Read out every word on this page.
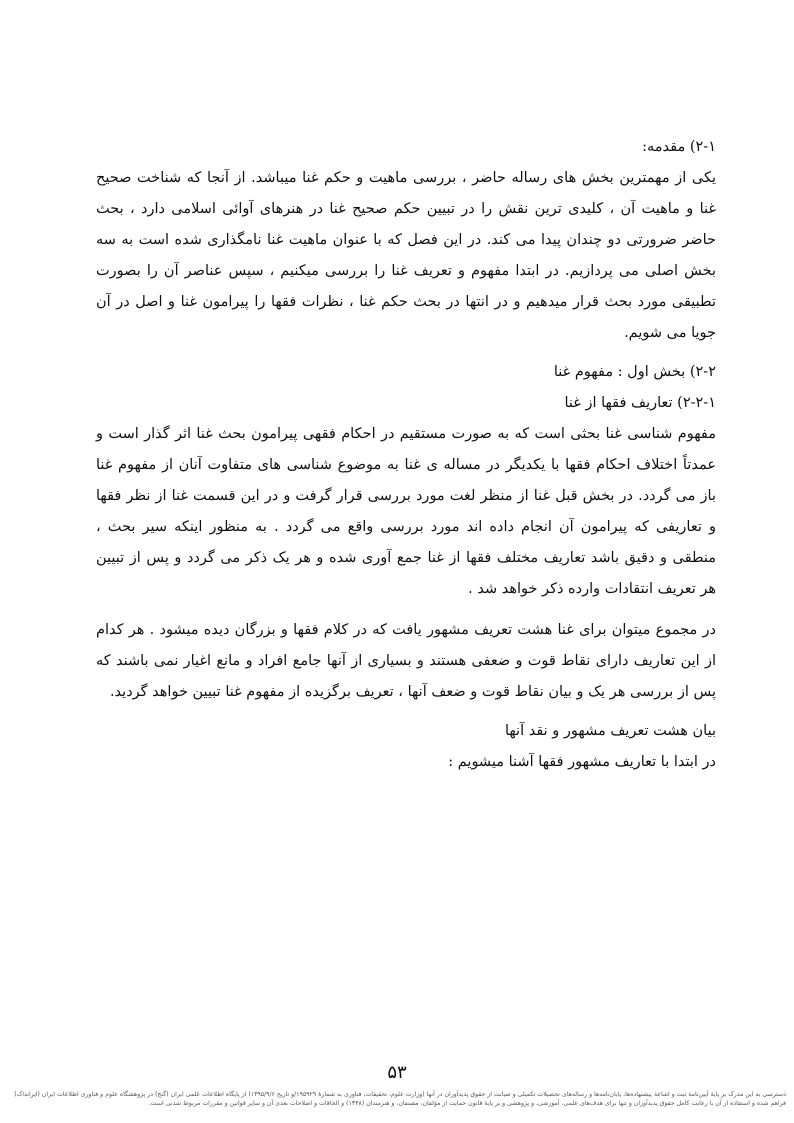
۲-۱) مقدمه:

یکی از مهمترین بخش های رساله حاضر ، بررسی ماهیت و حکم غنا میباشد. از آنجا که شناخت صحیح غنا و ماهیت آن ، کلیدی ترین نقش را در تبیین حکم صحیح غنا در هنرهای آوائی اسلامی دارد ، بحث حاضر ضرورتی دو چندان پیدا می کند. در این فصل که با عنوان ماهیت غنا نامگذاری شده است به سه بخش اصلی می پردازیم. در ابتدا مفهوم و تعریف غنا را بررسی میکنیم ، سپس عناصر آن را بصورت تطبیقی مورد بحث قرار میدهیم و در انتها در بحث حکم غنا ، نظرات فقها را پیرامون غنا و اصل در آن جویا می شویم.

۲-۲) بخش اول : مفهوم غنا

۲-۲-۱) تعاریف فقها از غنا

مفهوم شناسی غنا بحثی است که به صورت مستقیم در احکام فقهی پیرامون بحث غنا اثر گذار است و عمدتاً اختلاف احکام فقها با یکدیگر در مساله ی غنا به موضوع شناسی های متفاوت آنان از مفهوم غنا باز می گردد. در بخش قبل غنا از منظر لغت مورد بررسی قرار گرفت و در این قسمت غنا از نظر فقها و تعاریفی که پیرامون آن انجام داده اند مورد بررسی واقع می گردد . به منظور اینکه سیر بحث ، منطقی و دقیق باشد تعاریف مختلف فقها از غنا جمع آوری شده و هر یک ذکر می گردد و پس از تبیین هر تعریف انتقادات وارده ذکر خواهد شد .

در مجموع میتوان برای غنا هشت تعریف مشهور یافت که در کلام فقها و بزرگان دیده میشود . هر کدام از این تعاریف دارای نقاط قوت و ضعفی هستند و بسیاری از آنها جامع افراد و مانع اغیار نمی باشند که پس از بررسی هر یک و بیان نقاط قوت و ضعف آنها ، تعریف برگزیده از مفهوم غنا تبیین خواهد گردید.

بیان هشت تعریف مشهور و نقد آنها

در ابتدا با تعاریف مشهور فقها آشنا میشویم :

۵۳
دسترسی به این مدرک بر پایهٔ آیین‌نامهٔ ثبت و اشاعهٔ پیشنهاده‌ها، پایان‌نامه‌ها و رساله‌های تحصیلات تکمیلی و صیانت از حقوق پدیدآوران در آنها (وزارت علوم، تحقیقات، فناوری به شمارهٔ ۱۹۵۹۲۹/و تاریخ ۱۳۹۵/۹/۶) از پایگاه اطلاعات علمی ایران (گنج) در پژوهشگاه علوم و فناوری اطلاعات ایران (ایرانداک) فراهم شده و استفاده از آن با رعایت کامل حقوق پدیدآوران و تنها برای هدف‌های علمی، آموزشی، و پژوهشی و بر پایهٔ قانون حمایت از مؤلفان، مصنفان، و هنرمندان (۱۳۴۸) و الحاقات و اصلاحات بعدی آن و سایر قوانین و مقررات مربوط شدنی است.
